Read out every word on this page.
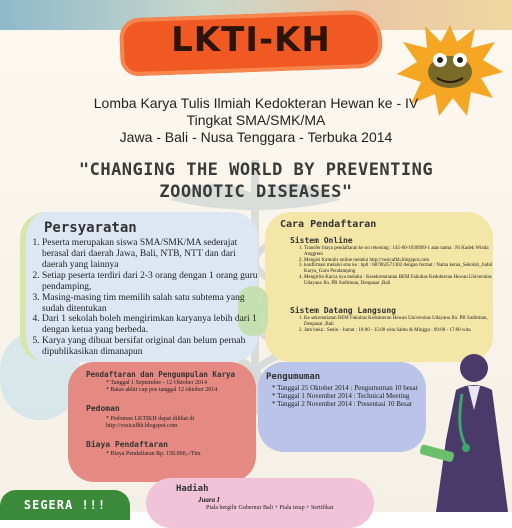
LKTI-KH
Lomba Karya Tulis Ilmiah Kedokteran Hewan ke - IV
Tingkat SMA/SMK/MA
Jawa - Bali - Nusa Tenggara - Terbuka 2014
"CHANGING THE WORLD BY PREVENTING
ZOONOTIC DISEASES"
Persyaratan
1. Peserta merupakan siswa SMA/SMK/MA sederajat berasal dari daerah Jawa, Bali, NTB, NTT dan dari daerah yang lainnya
2. Setiap peserta terdiri dari 2-3 orang dengan 1 orang guru pendamping,
3. Masing-masing tim memilih salah satu subtema yang sudah ditentukan
4. Dari 1 sekolah boleh mengirimkan karyanya lebih dari 1 dengan ketua yang berbeda.
5. Karya yang dibuat bersifat original dan belum pernah dipublikasikan dimanapun
Cara Pendaftaran
Sistem Online
1. Transfer biaya pendaftaran ke no rekening : 145-00-1030999-1 atas nama : Ni Kadek Winda Anggreni
2. Mengisi formulir online melalui http://vesicafkh.blogspot.com
3. konfirmasi melalui sms ke : hp0 : 087862571302 dengan format : Nama ketua_Sekolah_Judul Karya_Guru Pendamping
4. Mengirim Karya nya melalui : Kesekretariatan BEM Fakultas Kedokteran Hewan Universitas Udayana Jln. PB Sudirman, Denpasar ,Bali
Sistem Datang Langsung
1. Ke sekretariatan BEM Fakultas Kedokteran Hewan Universitas Udayana Jln. PB Sudirman, Denpasar ,Bali
2. Jam buka : Senin - Jumat : 10:00 - 15:00 wita Sabtu & Minggu : 09:00 - 17:00 wita
Pendaftaran dan Pengumpulan Karya
* Tanggal 1 September - 12 Oktober 2014
* Batas akhir cap pos tanggal 12 oktober 2014
Pedoman
* Pedoman LKTIKH dapat dilihat di http://vesicafkh.blogspot.com
Biaya Pendaftaran
* Biaya Pendaftaran Rp. 150.000,-/Tim
Pengumuman
* Tanggal 25 Oktober 2014 : Pengumuman 10 besar
* Tanggal 1 November 2014 : Technical Meeting
* Tanggal 2 November 2014 : Presentasi 10 Besar
Hadiah
Juara I
Piala bergilir Gubernur Bali + Piala tetap + Sertifikat
SEGERA !!!
